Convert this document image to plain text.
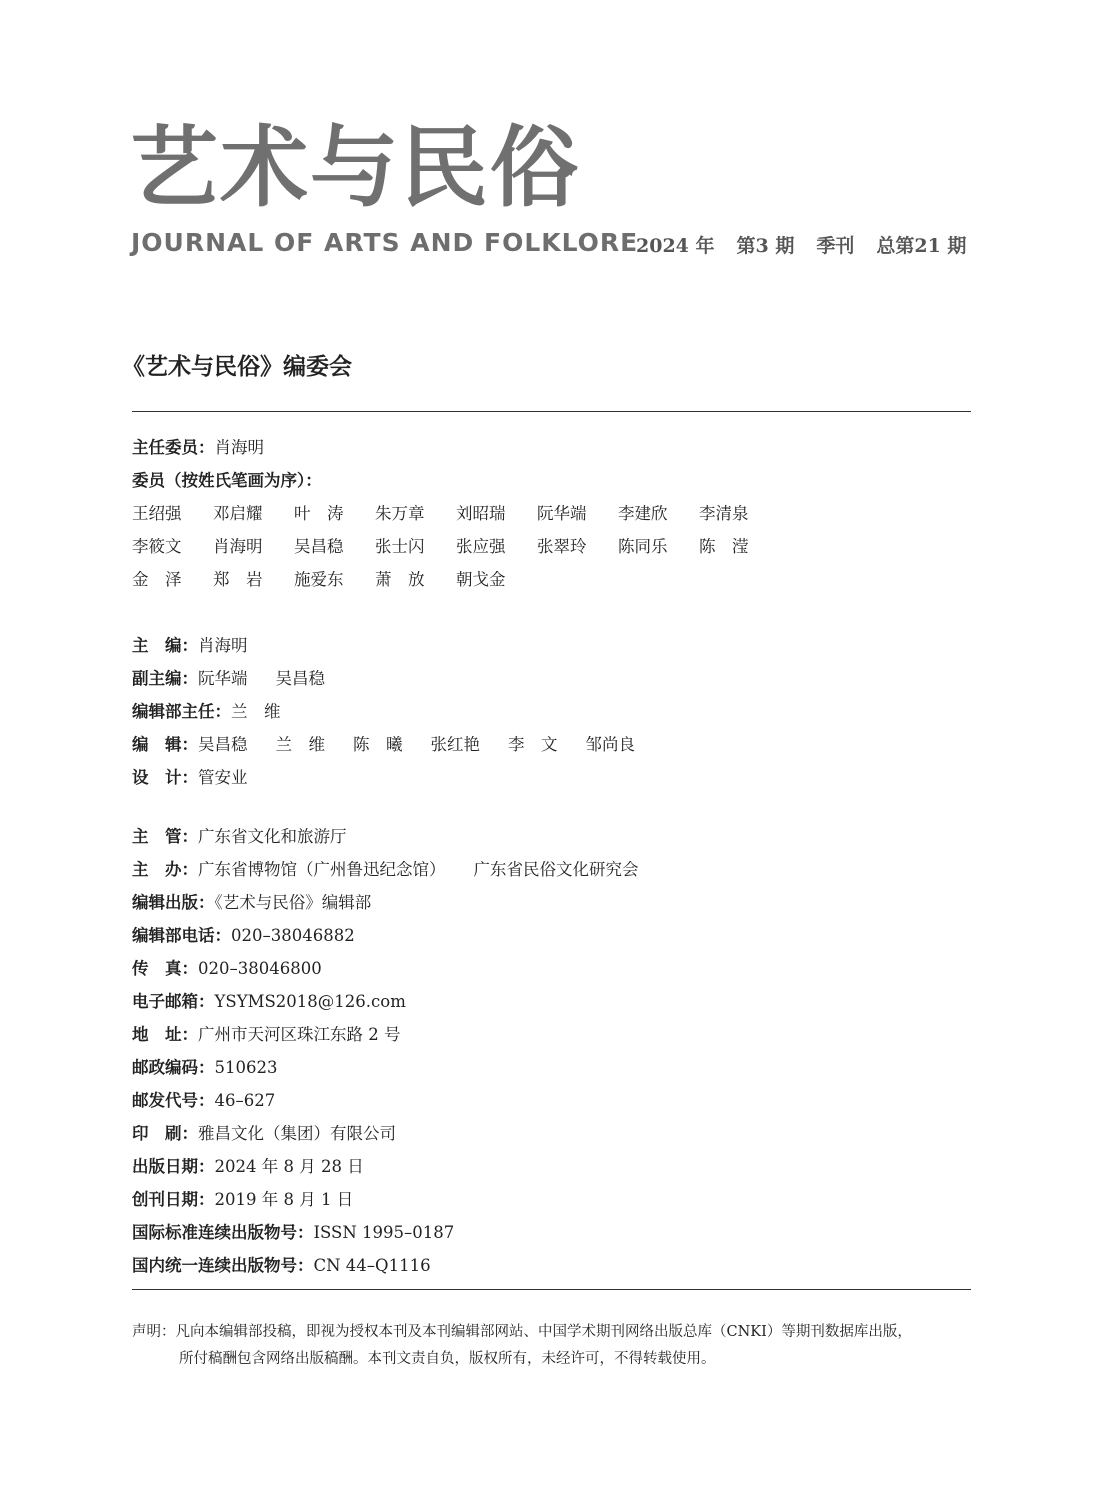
艺术与民俗
JOURNAL OF ARTS AND FOLKLORE
2024 年 第3 期 季刊 总第21 期
《艺术与民俗》编委会
主任委员：肖海明
委员（按姓氏笔画为序）：
王绍强	邓启耀	叶　涛	朱万章	刘昭瑞	阮华端	李建欣	李清泉
李筱文	肖海明	吴昌稳	张士闪	张应强	张翠玲	陈同乐	陈　滢
金　泽	郑　岩	施爱东	萧　放	朝戈金
主　编：肖海明
副主编：阮华端 吴昌稳
编辑部主任：兰　维
编　辑：吴昌稳 兰　维 陈　曦 张红艳 李　文 邹尚良
设　计：管安业
主　管：广东省文化和旅游厅
主　办：广东省博物馆（广州鲁迅纪念馆） 广东省民俗文化研究会
编辑出版：《艺术与民俗》编辑部
编辑部电话：020–38046882
传　真：020–38046800
电子邮箱：YSYMS2018@126.com
地　址：广州市天河区珠江东路 2 号
邮政编码：510623
邮发代号：46–627
印　刷：雅昌文化（集团）有限公司
出版日期：2024 年 8 月 28 日
创刊日期：2019 年 8 月 1 日
国际标准连续出版物号：ISSN 1995–0187
国内统一连续出版物号：CN 44–Q1116
声明：凡向本编辑部投稿，即视为授权本刊及本刊编辑部网站、中国学术期刊网络出版总库（CNKI）等期刊数据库出版，
所付稿酬包含网络出版稿酬。本刊文责自负，版权所有，未经许可，不得转载使用。
